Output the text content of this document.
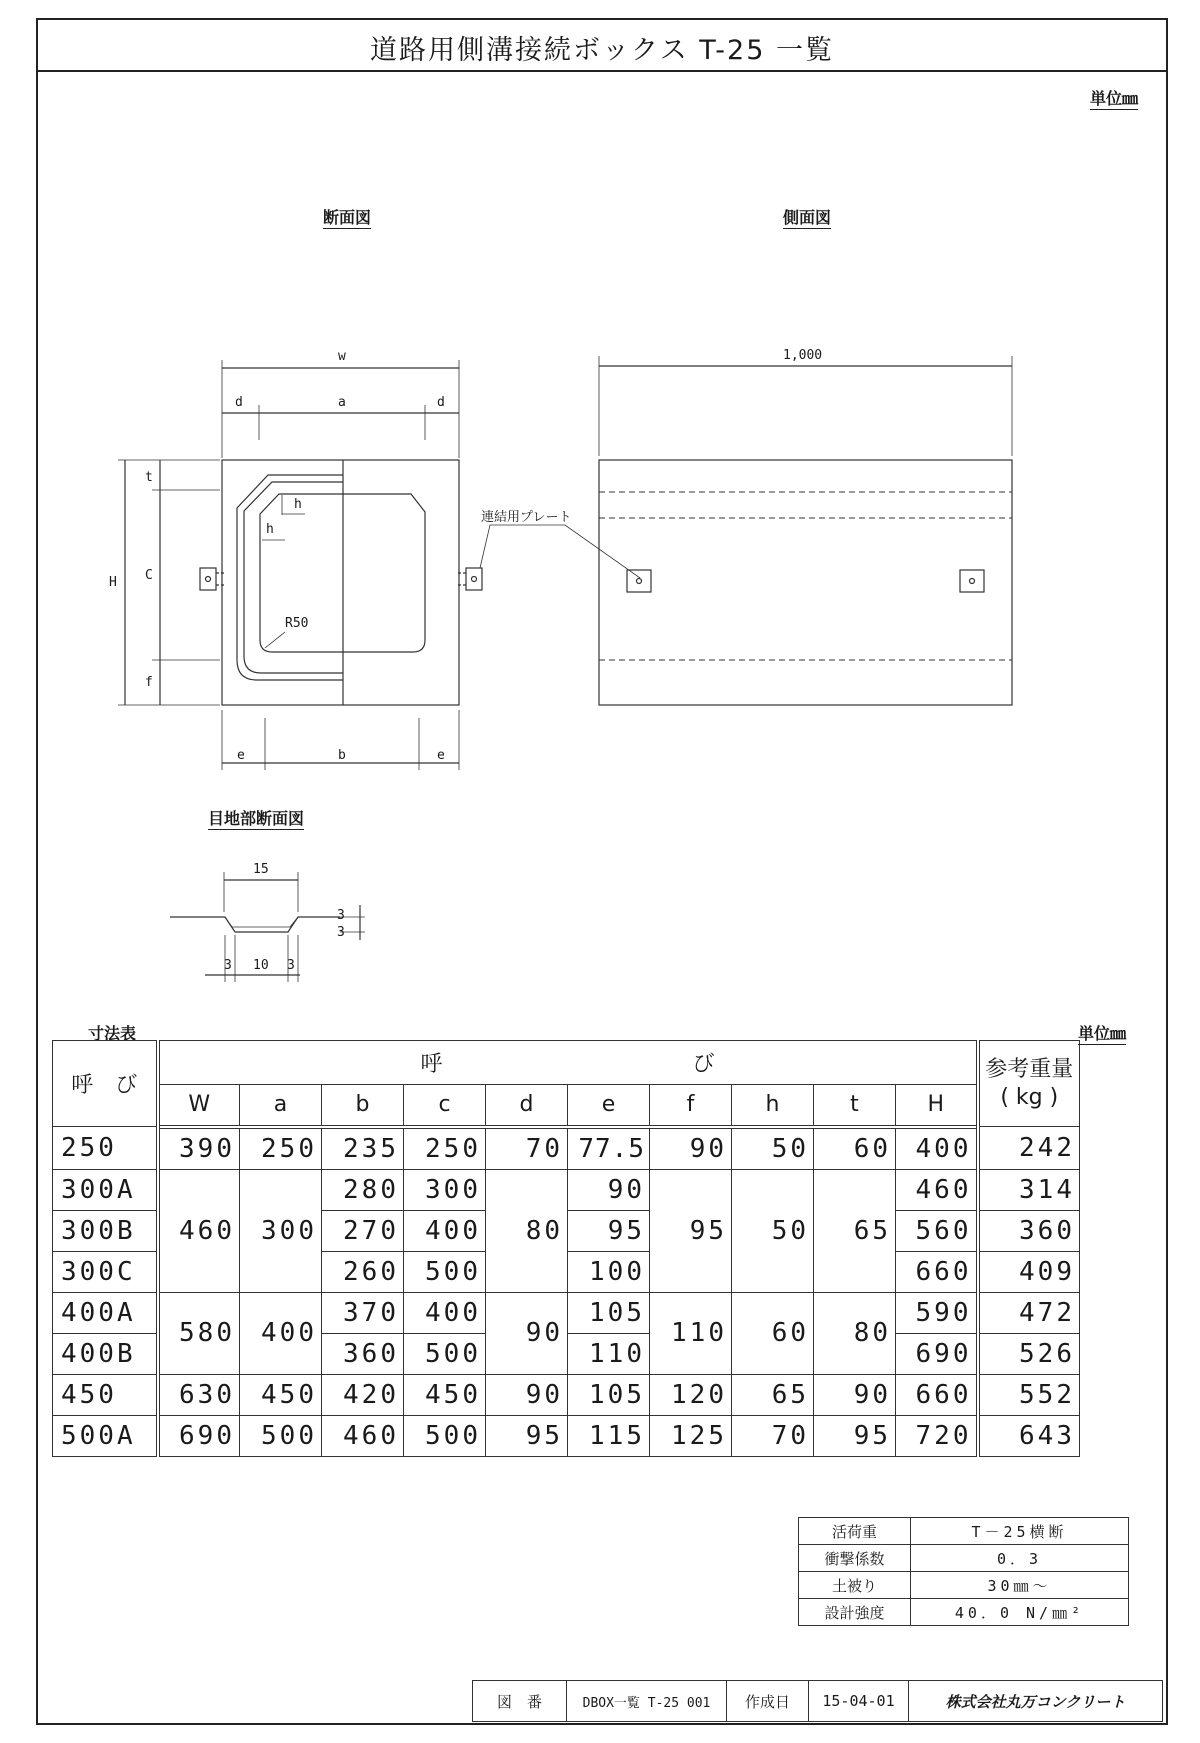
道路用側溝接続ボックス T-25 一覧
単位㎜
断面図	側面図
目地部断面図
w
d	a	d
e	b	e
H
t
C
f
h
h
R50
連結用プレート
1,000
15
3 10 3
3
3
寸法表	単位㎜
呼　び	呼 び										参考重量
( kg )
	W	a	b	c	d	e	f	h	t	H	
250	390	250	235	250	70	77.5	90	50	60	400	242
300A	460	300	280	300	80	90	95	50	65	460	314
300B			270	400		95				560	360
300C			260	500		100				660	409
400A	580	400	370	400	90	105	110	60	80	590	472
400B			360	500		110				690	526
450	630	450	420	450	90	105	120	65	90	660	552
500A	690	500	460	500	95	115	125	70	95	720	643
活荷重	T－25横断
衝撃係数	0．3
土被り	30㎜～
設計強度	40．0 N/㎜²
図　番	DBOX一覧 T-25 001	作成日	15-04-01	株式会社丸万コンクリート
